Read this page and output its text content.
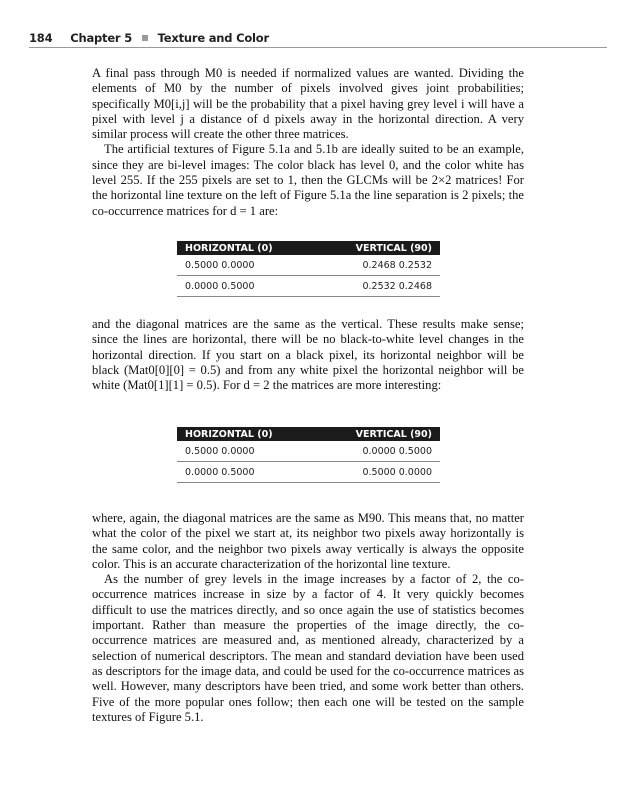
184 Chapter 5 Texture and Color

A final pass through M0 is needed if normalized values are wanted. Dividing the elements of M0 by the number of pixels involved gives joint probabilities; specifically M0[i,j] will be the probability that a pixel having grey level i will have a pixel with level j a distance of d pixels away in the horizontal direction. A very similar process will create the other three matrices.

The artificial textures of Figure 5.1a and 5.1b are ideally suited to be an example, since they are bi-level images: The color black has level 0, and the color white has level 255. If the 255 pixels are set to 1, then the GLCMs will be 2×2 matrices! For the horizontal line texture on the left of Figure 5.1a the line separation is 2 pixels; the co-occurrence matrices for d = 1 are:

HORIZONTAL (0)	VERTICAL (90)
0.5000 0.0000	0.2468 0.2532
0.0000 0.5000	0.2532 0.2468

and the diagonal matrices are the same as the vertical. These results make sense; since the lines are horizontal, there will be no black-to-white level changes in the horizontal direction. If you start on a black pixel, its horizontal neighbor will be black (Mat0[0][0] = 0.5) and from any white pixel the horizontal neighbor will be white (Mat0[1][1] = 0.5). For d = 2 the matrices are more interesting:

HORIZONTAL (0)	VERTICAL (90)
0.5000 0.0000	0.0000 0.5000
0.0000 0.5000	0.5000 0.0000

where, again, the diagonal matrices are the same as M90. This means that, no matter what the color of the pixel we start at, its neighbor two pixels away horizontally is the same color, and the neighbor two pixels away vertically is always the opposite color. This is an accurate characterization of the horizontal line texture.

As the number of grey levels in the image increases by a factor of 2, the co-occurrence matrices increase in size by a factor of 4. It very quickly becomes difficult to use the matrices directly, and so once again the use of statistics becomes important. Rather than measure the properties of the image directly, the co-occurrence matrices are measured and, as mentioned already, characterized by a selection of numerical descriptors. The mean and standard deviation have been used as descriptors for the image data, and could be used for the co-occurrence matrices as well. However, many descriptors have been tried, and some work better than others. Five of the more popular ones follow; then each one will be tested on the sample textures of Figure 5.1.
